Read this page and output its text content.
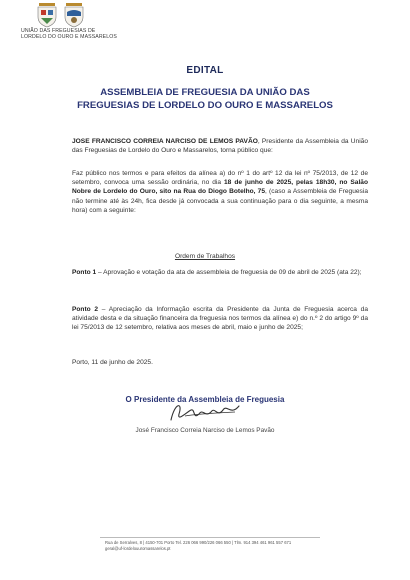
UNIÃO DAS FREGUESIAS DE
LORDELO DO OURO E MASSARELOS
EDITAL
ASSEMBLEIA DE FREGUESIA DA UNIÃO DAS
FREGUESIAS DE LORDELO DO OURO E MASSARELOS
JOSE FRANCISCO CORREIA NARCISO DE LEMOS PAVÃO, Presidente da Assembleia da União das Freguesias de Lordelo do Ouro e Massarelos, torna público que:
Faz público nos termos e para efeitos da alínea a) do nº 1 do artº 12 da lei nº 75/2013, de 12 de setembro, convoca uma sessão ordinária, no dia 18 de junho de 2025, pelas 18h30, no Salão Nobre de Lordelo do Ouro, sito na Rua do Diogo Botelho, 75, (caso a Assembleia de Freguesia não termine até às 24h, fica desde já convocada a sua continuação para o dia seguinte, a mesma hora) com a seguinte:
Ordem de Trabalhos
Ponto 1 – Aprovação e votação da ata de assembleia de freguesia de 09 de abril de 2025 (ata 22);
Ponto 2 – Apreciação da Informação escrita da Presidente da Junta de Freguesia acerca da atividade desta e da situação financeira da freguesia nos termos da alínea e) do n.º 2 do artigo 9º da lei 75/2013 de 12 setembro, relativa aos meses de abril, maio e junho de 2025;
Porto, 11 de junho de 2025.
O Presidente da Assembleia de Freguesia
José Francisco Correia Narciso de Lemos Pavão
Rua de Serralves, 8 | 4150-701 Porto Tel. 226 066 990/226 066 550 | Tlm. 914 394 461 961 557 671
geral@uf-lordelouuromassarelos.pt
